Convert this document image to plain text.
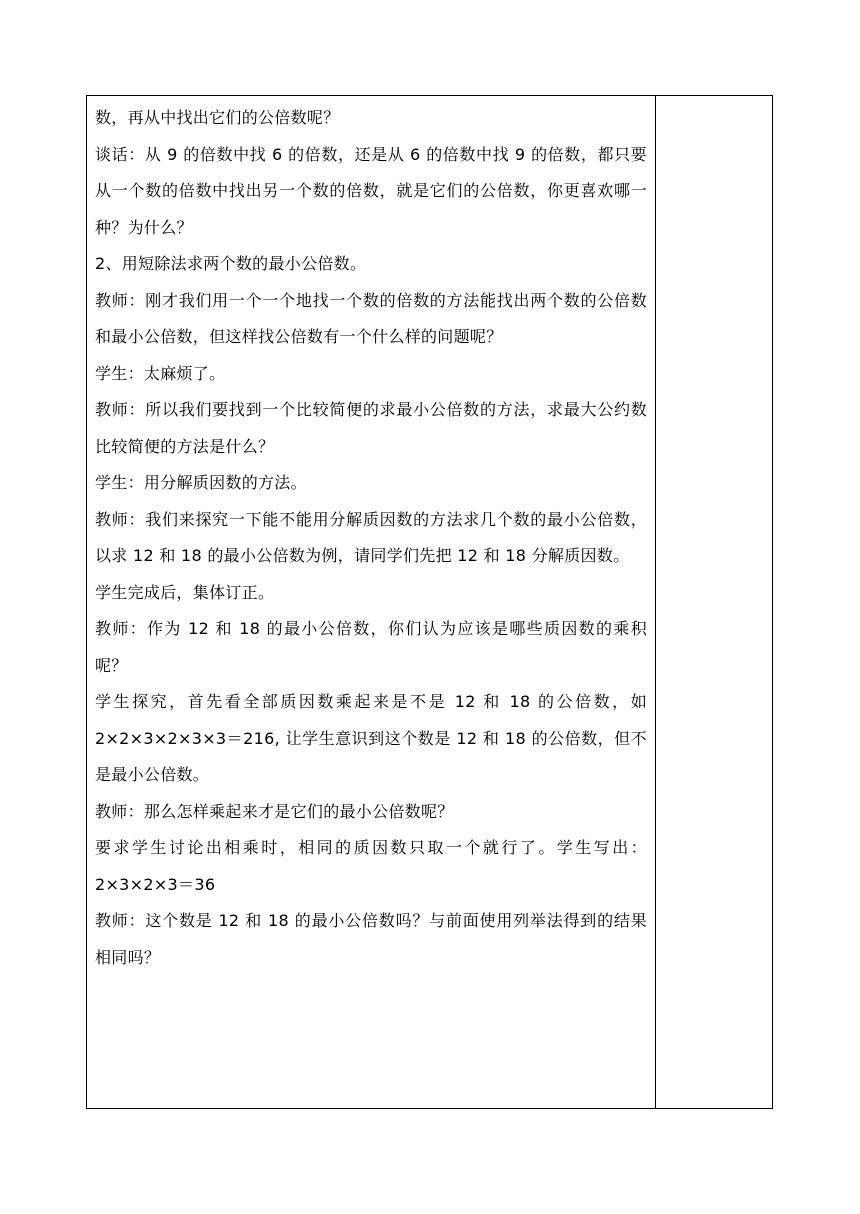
数，再从中找出它们的公倍数呢？

谈话：从 9 的倍数中找 6 的倍数，还是从 6 的倍数中找 9 的倍数，都只要从一个数的倍数中找出另一个数的倍数，就是它们的公倍数，你更喜欢哪一种？为什么？

2、用短除法求两个数的最小公倍数。

教师：刚才我们用一个一个地找一个数的倍数的方法能找出两个数的公倍数和最小公倍数，但这样找公倍数有一个什么样的问题呢？

学生：太麻烦了。

教师：所以我们要找到一个比较简便的求最小公倍数的方法，求最大公约数比较简便的方法是什么？

学生：用分解质因数的方法。

教师：我们来探究一下能不能用分解质因数的方法求几个数的最小公倍数，以求 12 和 18 的最小公倍数为例，请同学们先把 12 和 18 分解质因数。

学生完成后，集体订正。

教师：作为 12 和 18 的最小公倍数，你们认为应该是哪些质因数的乘积呢？

学生探究，首先看全部质因数乘起来是不是 12 和 18 的公倍数，如 2×2×3×2×3×3＝216, 让学生意识到这个数是 12 和 18 的公倍数，但不是最小公倍数。

教师：那么怎样乘起来才是它们的最小公倍数呢？

要求学生讨论出相乘时，相同的质因数只取一个就行了。学生写出：2×3×2×3＝36

教师：这个数是 12 和 18 的最小公倍数吗？与前面使用列举法得到的结果相同吗？
